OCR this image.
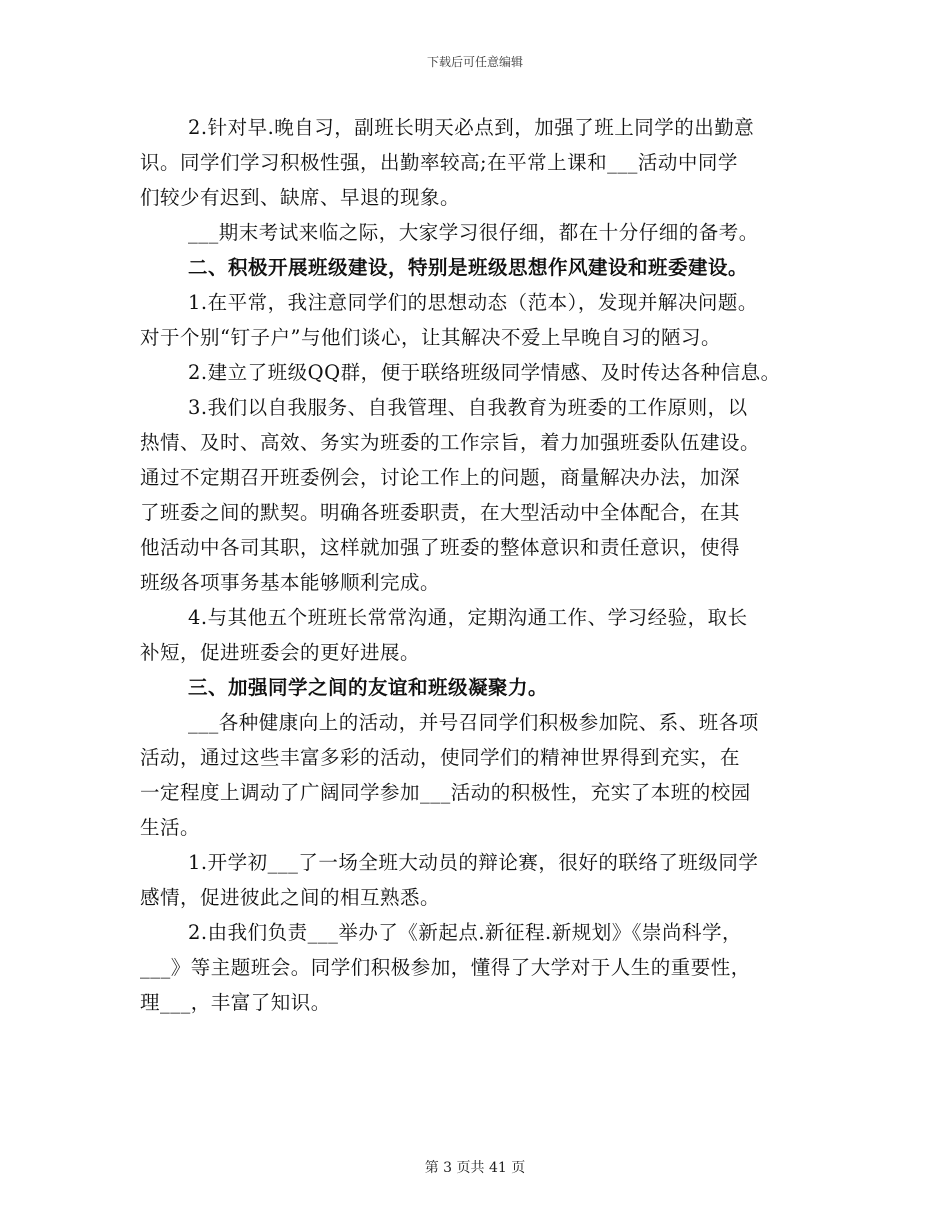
下载后可任意编辑
2.针对早.晚自习，副班长明天必点到，加强了班上同学的出勤意
识。同学们学习积极性强，出勤率较高;在平常上课和___活动中同学
们较少有迟到、缺席、早退的现象。
___期末考试来临之际，大家学习很仔细，都在十分仔细的备考。
二、积极开展班级建设，特别是班级思想作风建设和班委建设。
1.在平常，我注意同学们的思想动态（范本），发现并解决问题。
对于个别“钉子户”与他们谈心，让其解决不爱上早晚自习的陋习。
2.建立了班级QQ群，便于联络班级同学情感、及时传达各种信息。
3.我们以自我服务、自我管理、自我教育为班委的工作原则，以
热情、及时、高效、务实为班委的工作宗旨，着力加强班委队伍建设。
通过不定期召开班委例会，讨论工作上的问题，商量解决办法，加深
了班委之间的默契。明确各班委职责，在大型活动中全体配合，在其
他活动中各司其职，这样就加强了班委的整体意识和责任意识，使得
班级各项事务基本能够顺利完成。
4.与其他五个班班长常常沟通，定期沟通工作、学习经验，取长
补短，促进班委会的更好进展。
三、加强同学之间的友谊和班级凝聚力。
___各种健康向上的活动，并号召同学们积极参加院、系、班各项
活动，通过这些丰富多彩的活动，使同学们的精神世界得到充实，在
一定程度上调动了广阔同学参加___活动的积极性，充实了本班的校园
生活。
1.开学初___了一场全班大动员的辩论赛，很好的联络了班级同学
感情，促进彼此之间的相互熟悉。
2.由我们负责___举办了《新起点.新征程.新规划》《崇尚科学，
___》等主题班会。同学们积极参加，懂得了大学对于人生的重要性，
理___，丰富了知识。
第 3 页共 41 页
